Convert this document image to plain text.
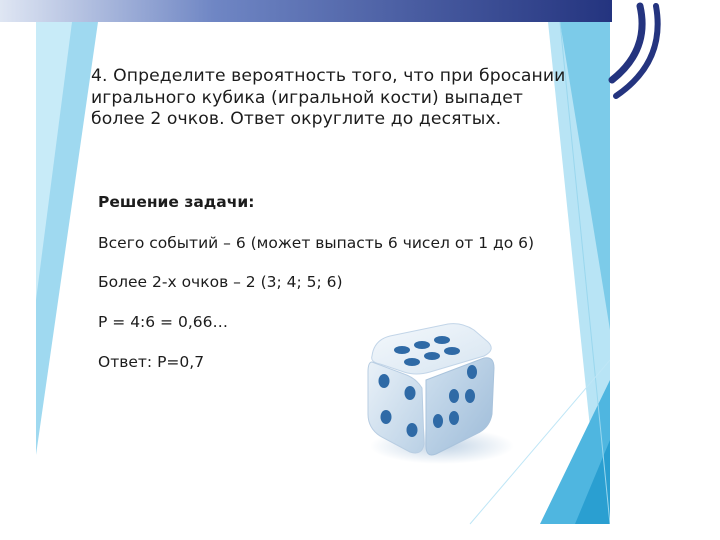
4. Определите вероятность того, что при бросании
игрального кубика (игральной кости) выпадет
более 2 очков. Ответ округлите до десятых.
Решение задачи:
Всего событий – 6 (может выпасть 6 чисел от 1 до 6)
Более 2-х очков – 2 (3; 4; 5; 6)
P = 4:6 = 0,66…
Ответ: P=0,7
